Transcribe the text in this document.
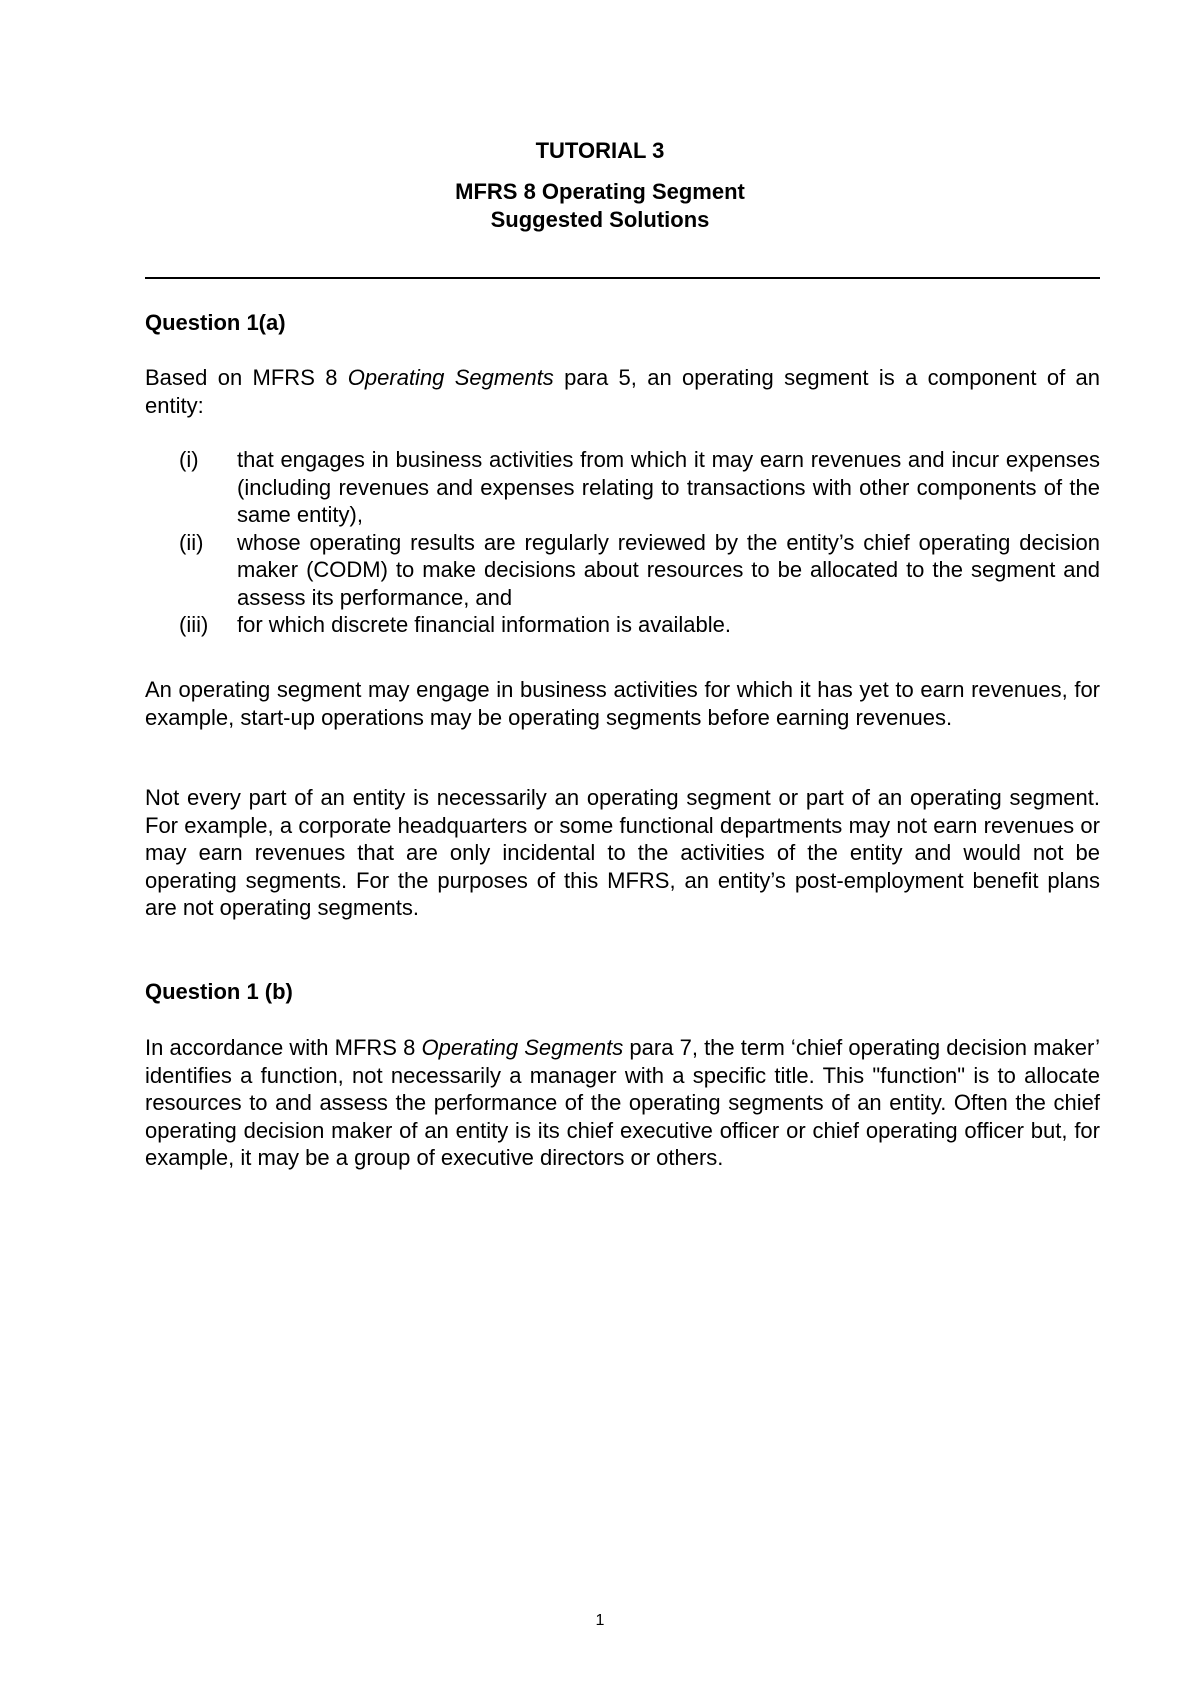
TUTORIAL 3

MFRS 8 Operating Segment

Suggested Solutions

Question 1(a)

Based on MFRS 8 Operating Segments para 5, an operating segment is a component of an entity:

(i)	that engages in business activities from which it may earn revenues and incur expenses (including revenues and expenses relating to transactions with other components of the same entity),
(ii)	whose operating results are regularly reviewed by the entity’s chief operating decision maker (CODM) to make decisions about resources to be allocated to the segment and assess its performance, and
(iii)	for which discrete financial information is available.

An operating segment may engage in business activities for which it has yet to earn revenues, for example, start-up operations may be operating segments before earning revenues.

Not every part of an entity is necessarily an operating segment or part of an operating segment. For example, a corporate headquarters or some functional departments may not earn revenues or may earn revenues that are only incidental to the activities of the entity and would not be operating segments. For the purposes of this MFRS, an entity’s post-employment benefit plans are not operating segments.

Question 1 (b)

In accordance with MFRS 8 Operating Segments para 7, the term ‘chief operating decision maker’ identifies a function, not necessarily a manager with a specific title. This "function" is to allocate resources to and assess the performance of the operating segments of an entity. Often the chief operating decision maker of an entity is its chief executive officer or chief operating officer but, for example, it may be a group of executive directors or others.

1
